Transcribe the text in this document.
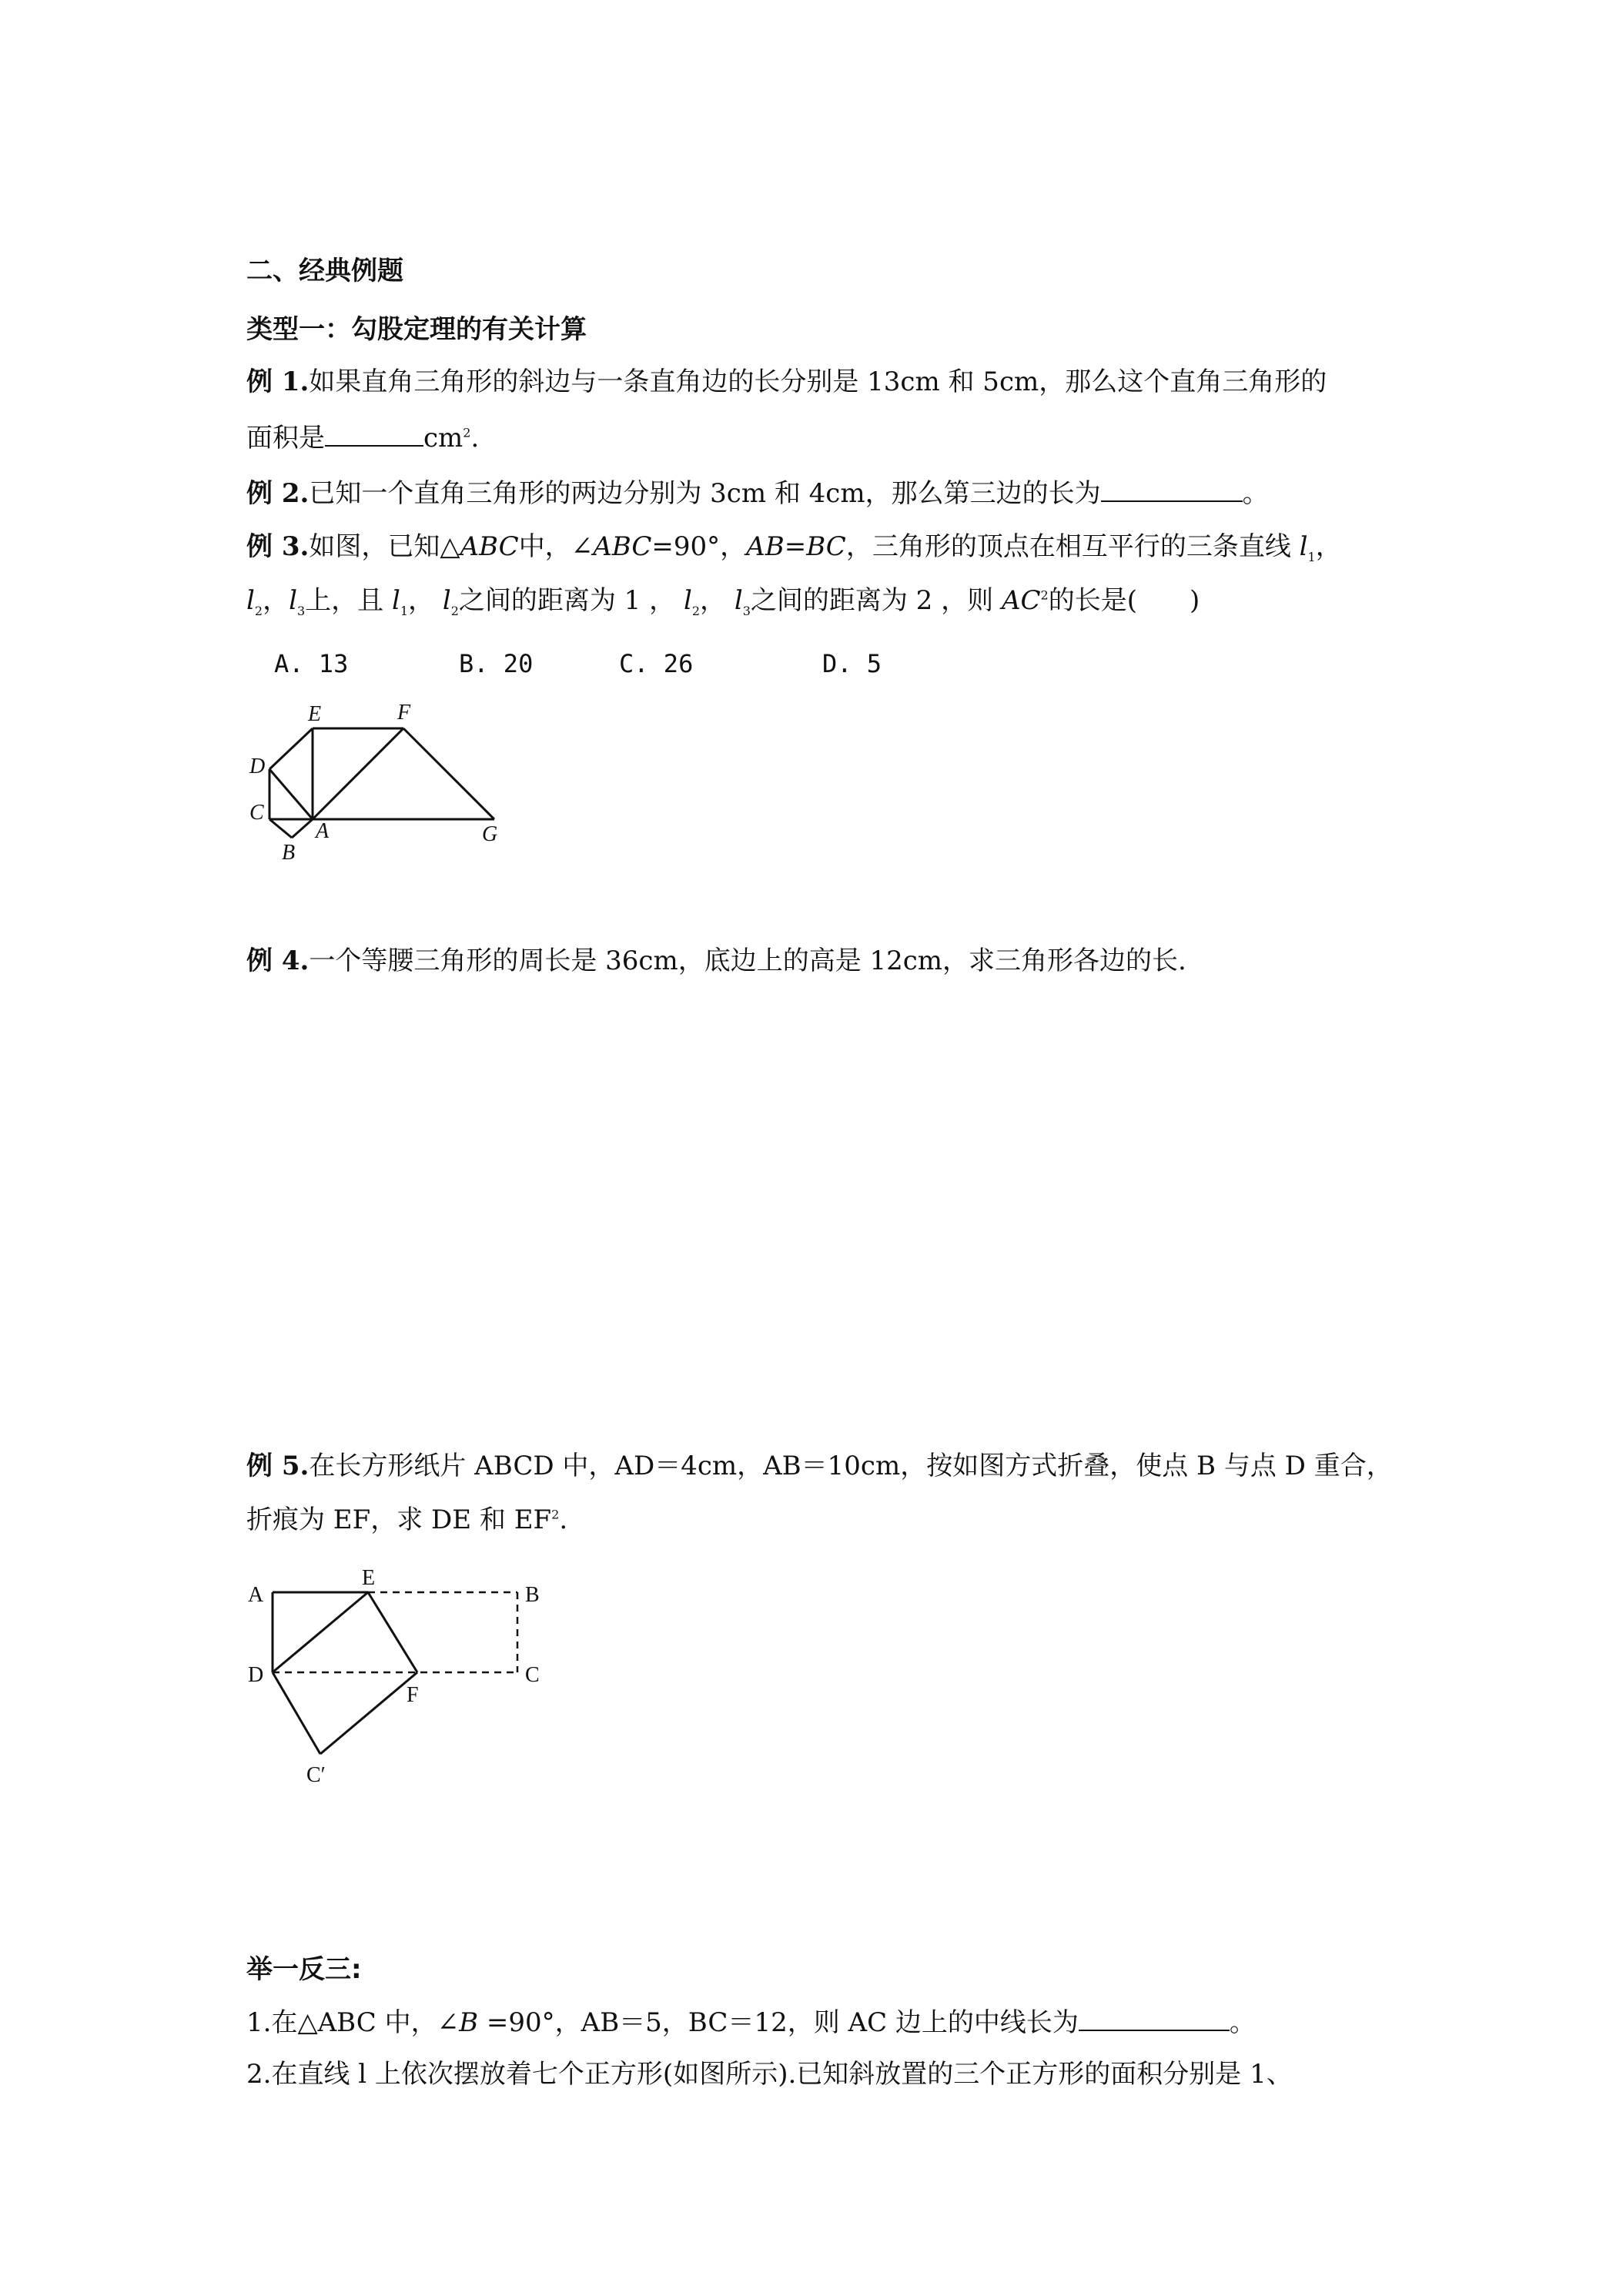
二、经典例题
类型一：勾股定理的有关计算
例 1.如果直角三角形的斜边与一条直角边的长分别是 13cm 和 5cm，那么这个直角三角形的
面积是	$cm^2$.
例 2.已知一个直角三角形的两边分别为 3cm 和 4cm，那么第三边的长为	。
例 3.如图，已知△ABC中，∠ABC=90°，AB=BC，三角形的顶点在相互平行的三条直线 $l_1$，
$l_2$，$l_3$上，且 $l_1$， $l_2$之间的距离为 1 ， $l_2$， $l_3$之间的距离为 2 ，则 $AC^2$的长是(　　)
A. 13	B. 20	C. 26	D. 5
E	F
D
C
A
B
G
例 4.一个等腰三角形的周长是 36cm，底边上的高是 12cm，求三角形各边的长.
例 5.在长方形纸片 ABCD 中，AD＝4cm，AB＝10cm，按如图方式折叠，使点 B 与点 D 重合，
折痕为 EF，求 DE 和 $EF^2$.
A
E
B
D
F
C
C′
举一反三:
1.在△ABC 中，∠B =90°，AB＝5，BC＝12，则 AC 边上的中线长为	。
2.在直线 l 上依次摆放着七个正方形(如图所示).已知斜放置的三个正方形的面积分别是 1、
